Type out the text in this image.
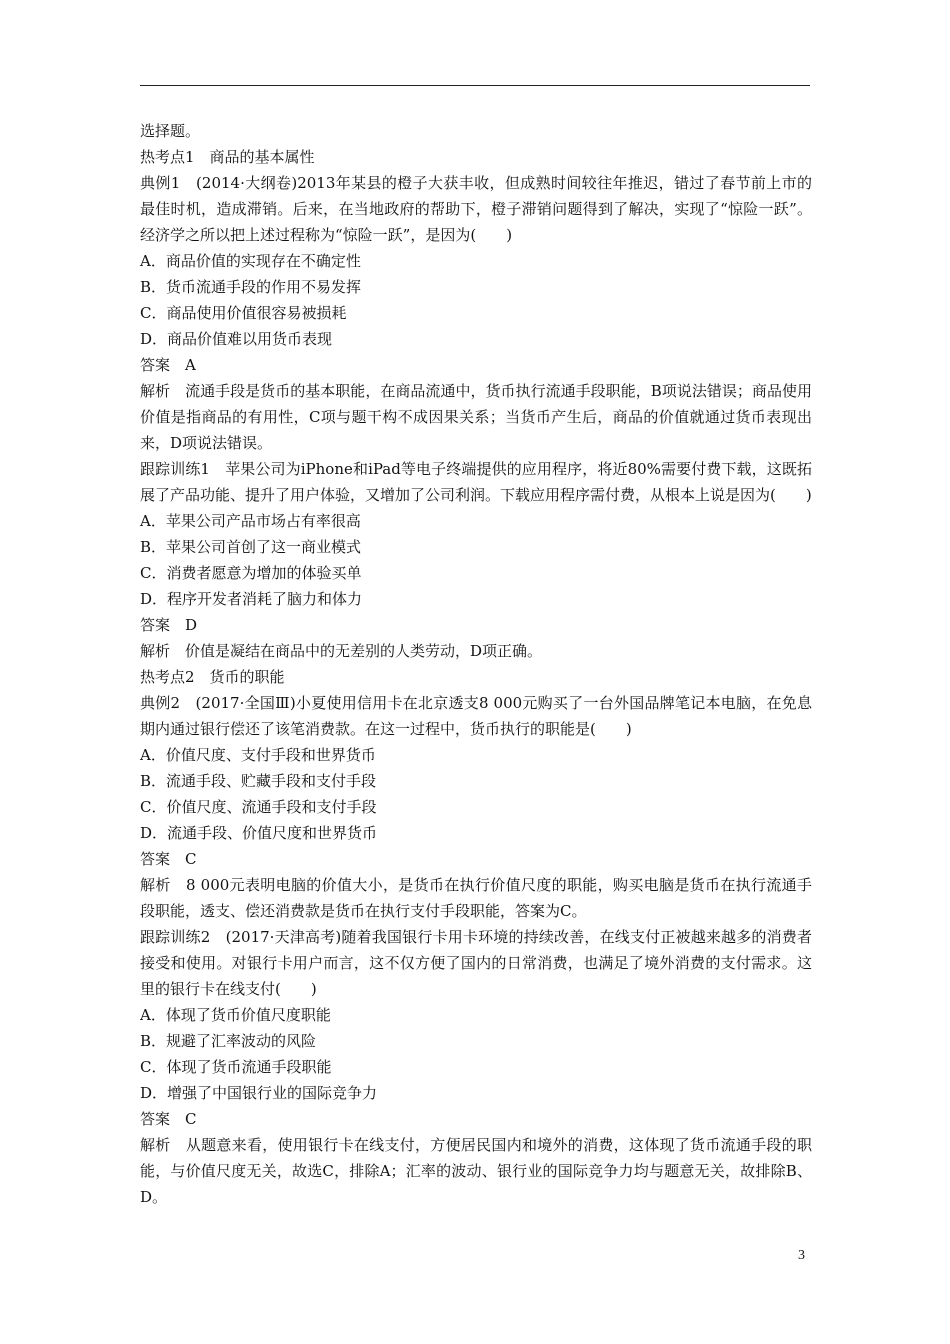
选择题。
热考点1　商品的基本属性
典例1　(2014·大纲卷)2013年某县的橙子大获丰收，但成熟时间较往年推迟，错过了春节前上市的最佳时机，造成滞销。后来，在当地政府的帮助下，橙子滞销问题得到了解决，实现了“惊险一跃”。经济学之所以把上述过程称为“惊险一跃”，是因为(　　)
A．商品价值的实现存在不确定性
B．货币流通手段的作用不易发挥
C．商品使用价值很容易被损耗
D．商品价值难以用货币表现
答案　A
解析　流通手段是货币的基本职能，在商品流通中，货币执行流通手段职能，B项说法错误；商品使用价值是指商品的有用性，C项与题干构不成因果关系；当货币产生后，商品的价值就通过货币表现出来，D项说法错误。
跟踪训练1　苹果公司为iPhone和iPad等电子终端提供的应用程序，将近80%需要付费下载，这既拓展了产品功能、提升了用户体验，又增加了公司利润。下载应用程序需付费，从根本上说是因为(　　)
A．苹果公司产品市场占有率很高
B．苹果公司首创了这一商业模式
C．消费者愿意为增加的体验买单
D．程序开发者消耗了脑力和体力
答案　D
解析　价值是凝结在商品中的无差别的人类劳动，D项正确。
热考点2　货币的职能
典例2　(2017·全国Ⅲ)小夏使用信用卡在北京透支8 000元购买了一台外国品牌笔记本电脑，在免息期内通过银行偿还了该笔消费款。在这一过程中，货币执行的职能是(　　)
A．价值尺度、支付手段和世界货币
B．流通手段、贮藏手段和支付手段
C．价值尺度、流通手段和支付手段
D．流通手段、价值尺度和世界货币
答案　C
解析　8 000元表明电脑的价值大小，是货币在执行价值尺度的职能，购买电脑是货币在执行流通手段职能，透支、偿还消费款是货币在执行支付手段职能，答案为C。
跟踪训练2　(2017·天津高考)随着我国银行卡用卡环境的持续改善，在线支付正被越来越多的消费者接受和使用。对银行卡用户而言，这不仅方便了国内的日常消费，也满足了境外消费的支付需求。这里的银行卡在线支付(　　)
A．体现了货币价值尺度职能
B．规避了汇率波动的风险
C．体现了货币流通手段职能
D．增强了中国银行业的国际竞争力
答案　C
解析　从题意来看，使用银行卡在线支付，方便居民国内和境外的消费，这体现了货币流通手段的职能，与价值尺度无关，故选C，排除A；汇率的波动、银行业的国际竞争力均与题意无关，故排除B、D。
3
